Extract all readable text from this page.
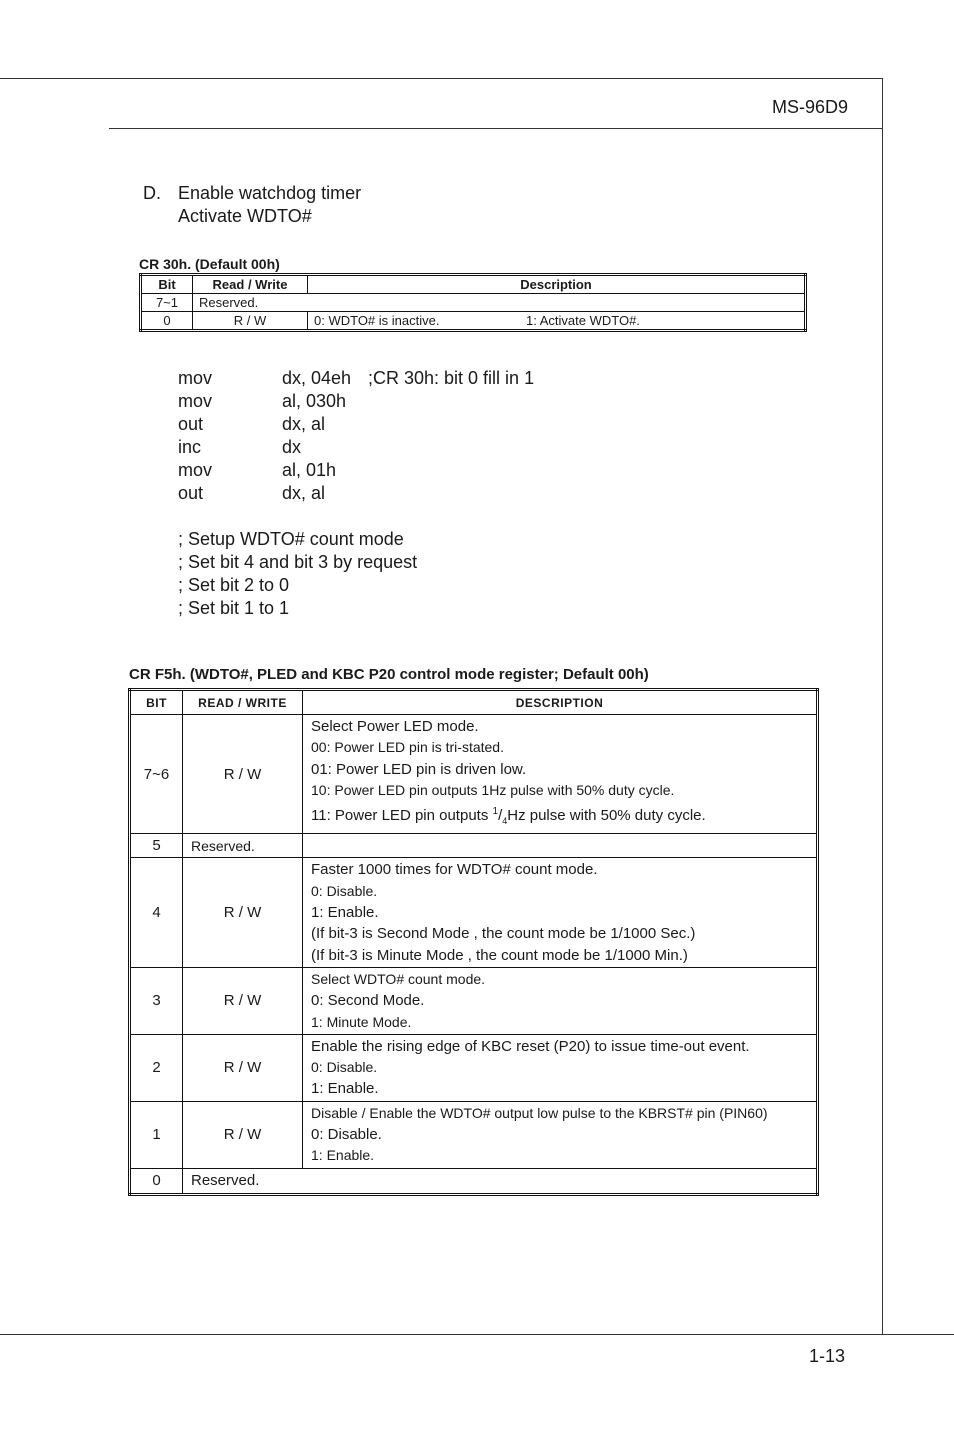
MS-96D9
1-13
D. Enable watchdog timer
Activate WDTO#
CR 30h. (Default 00h)
Bit	Read / Write	Description
7~1	Reserved.	
0	R / W	0: WDTO# is inactive. 1: Activate WDTO#.
mov	dx, 04eh ;CR 30h: bit 0 fill in 1
mov	al, 030h
out	dx, al
inc	dx
mov	al, 01h
out	dx, al
; Setup WDTO# count mode
; Set bit 4 and bit 3 by request
; Set bit 2 to 0
; Set bit 1 to 1
CR F5h. (WDTO#, PLED and KBC P20 control mode register; Default 00h)
BIT	READ / WRITE	DESCRIPTION
7~6	R / W	Select Power LED mode.
00: Power LED pin is tri-stated.
01: Power LED pin is driven low.
10: Power LED pin outputs 1Hz pulse with 50% duty cycle.
11: Power LED pin outputs $^1/_4Hz$ pulse with 50% duty cycle.

5	Reserved.	
4	R / W	Faster 1000 times for WDTO# count mode.
0: Disable.
1: Enable.
(If bit-3 is Second Mode , the count mode be 1/1000 Sec.)
(If bit-3 is Minute Mode , the count mode be 1/1000 Min.)

3	R / W	Select WDTO# count mode.
0: Second Mode.
1: Minute Mode.

2	R / W	Enable the rising edge of KBC reset (P20) to issue time-out event.
0: Disable.
1: Enable.

1	R / W	Disable / Enable the WDTO# output low pulse to the KBRST# pin (PIN60)
0: Disable.
1: Enable.

0	Reserved.	
